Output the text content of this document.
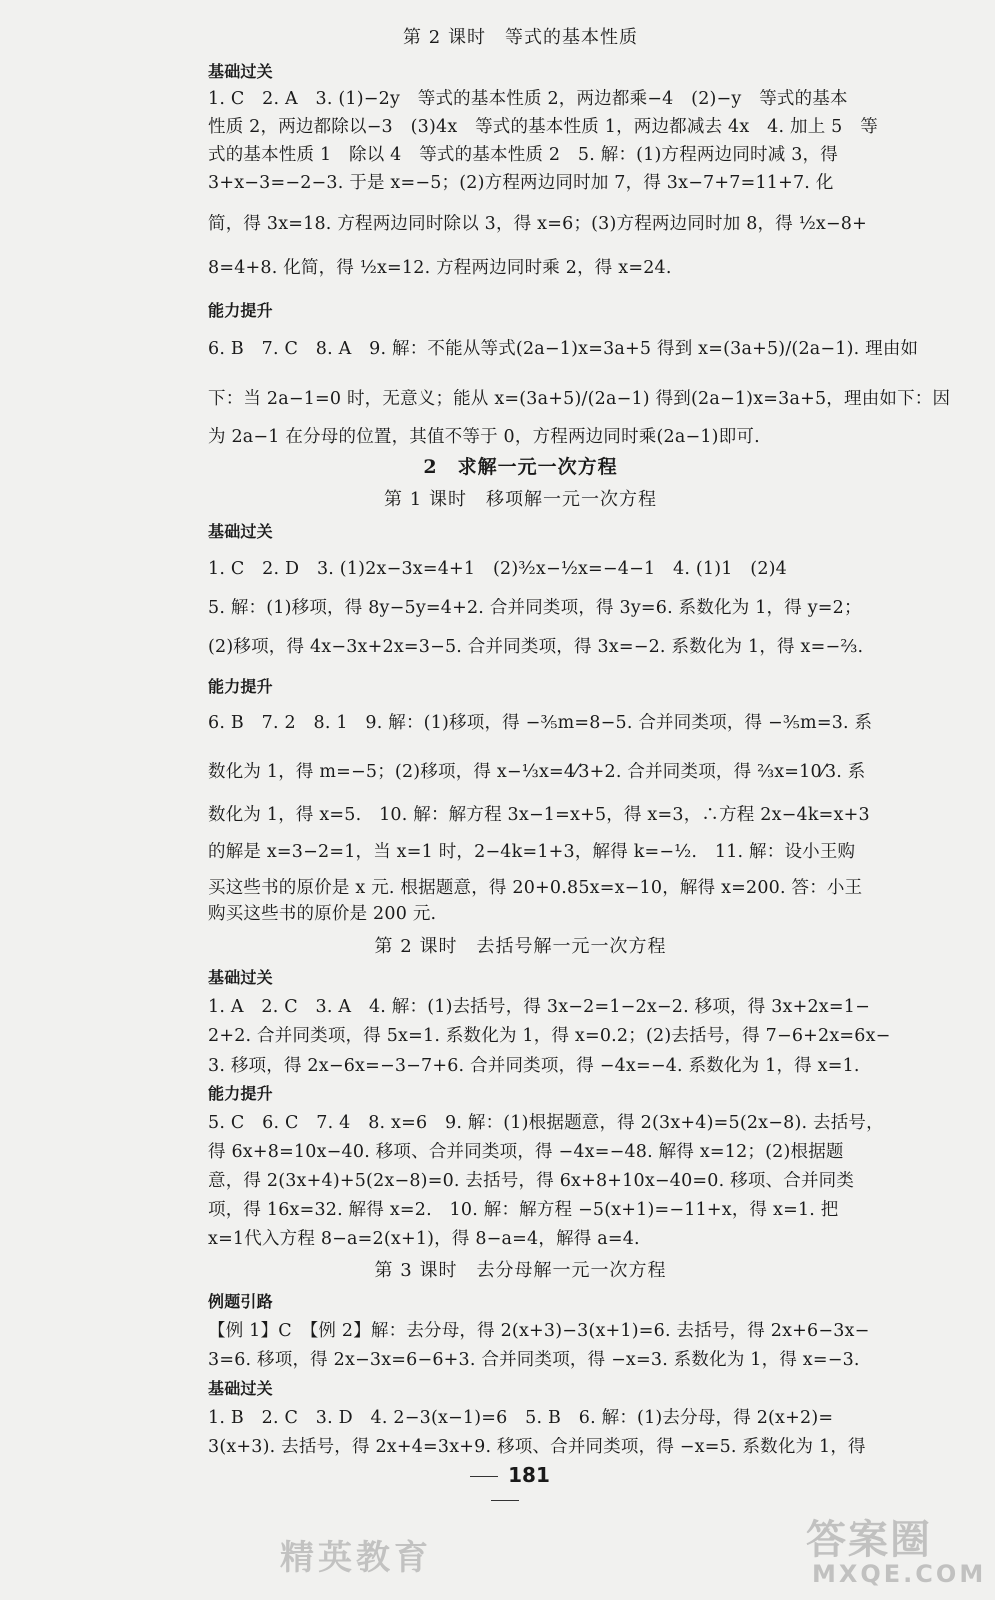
第 2 课时　等式的基本性质
基础过关
1. C　2. A　3. (1)−2y　等式的基本性质 2，两边都乘−4　(2)−y　等式的基本
性质 2，两边都除以−3　(3)4x　等式的基本性质 1，两边都减去 4x　4. 加上 5　等
式的基本性质 1　除以 4　等式的基本性质 2　5. 解：(1)方程两边同时减 3，得
3+x−3=−2−3. 于是 x=−5；(2)方程两边同时加 7，得 3x−7+7=11+7. 化
简，得 3x=18. 方程两边同时除以 3，得 x=6；(3)方程两边同时加 8，得 ½x−8+
8=4+8. 化简，得 ½x=12. 方程两边同时乘 2，得 x=24.
能力提升
6. B　7. C　8. A　9. 解：不能从等式(2a−1)x=3a+5 得到 x=(3a+5)/(2a−1). 理由如
下：当 2a−1=0 时，无意义；能从 x=(3a+5)/(2a−1) 得到(2a−1)x=3a+5，理由如下：因
为 2a−1 在分母的位置，其值不等于 0，方程两边同时乘(2a−1)即可.
2　求解一元一次方程
第 1 课时　移项解一元一次方程
基础过关
1. C　2. D　3. (1)2x−3x=4+1　(2)³⁄₂x−½x=−4−1　4. (1)1　(2)4
5. 解：(1)移项，得 8y−5y=4+2. 合并同类项，得 3y=6. 系数化为 1，得 y=2；
(2)移项，得 4x−3x+2x=3−5. 合并同类项，得 3x=−2. 系数化为 1，得 x=−⅔.
能力提升
6. B　7. 2　8. 1　9. 解：(1)移项，得 −⅗m=8−5. 合并同类项，得 −⅗m=3. 系
数化为 1，得 m=−5；(2)移项，得 x−⅓x=4⁄3+2. 合并同类项，得 ⅔x=10⁄3. 系
数化为 1，得 x=5.　10. 解：解方程 3x−1=x+5，得 x=3，∴方程 2x−4k=x+3
的解是 x=3−2=1，当 x=1 时，2−4k=1+3，解得 k=−½.　11. 解：设小王购
买这些书的原价是 x 元. 根据题意，得 20+0.85x=x−10，解得 x=200. 答：小王
购买这些书的原价是 200 元.
第 2 课时　去括号解一元一次方程
基础过关
1. A　2. C　3. A　4. 解：(1)去括号，得 3x−2=1−2x−2. 移项，得 3x+2x=1−
2+2. 合并同类项，得 5x=1. 系数化为 1，得 x=0.2；(2)去括号，得 7−6+2x=6x−
3. 移项，得 2x−6x=−3−7+6. 合并同类项，得 −4x=−4. 系数化为 1，得 x=1.
能力提升
5. C　6. C　7. 4　8. x=6　9. 解：(1)根据题意，得 2(3x+4)=5(2x−8). 去括号，
得 6x+8=10x−40. 移项、合并同类项，得 −4x=−48. 解得 x=12；(2)根据题
意，得 2(3x+4)+5(2x−8)=0. 去括号，得 6x+8+10x−40=0. 移项、合并同类
项，得 16x=32. 解得 x=2.　10. 解：解方程 −5(x+1)=−11+x，得 x=1. 把
x=1代入方程 8−a=2(x+1)，得 8−a=4，解得 a=4.
第 3 课时　去分母解一元一次方程
例题引路
【例 1】C　【例 2】解：去分母，得 2(x+3)−3(x+1)=6. 去括号，得 2x+6−3x−
3=6. 移项，得 2x−3x=6−6+3. 合并同类项，得 −x=3. 系数化为 1，得 x=−3.
基础过关
1. B　2. C　3. D　4. 2−3(x−1)=6　5. B　6. 解：(1)去分母，得 2(x+2)=
3(x+3). 去括号，得 2x+4=3x+9. 移项、合并同类项，得 −x=5. 系数化为 1，得
181
精英教育	答案圈
MXQE.COM
